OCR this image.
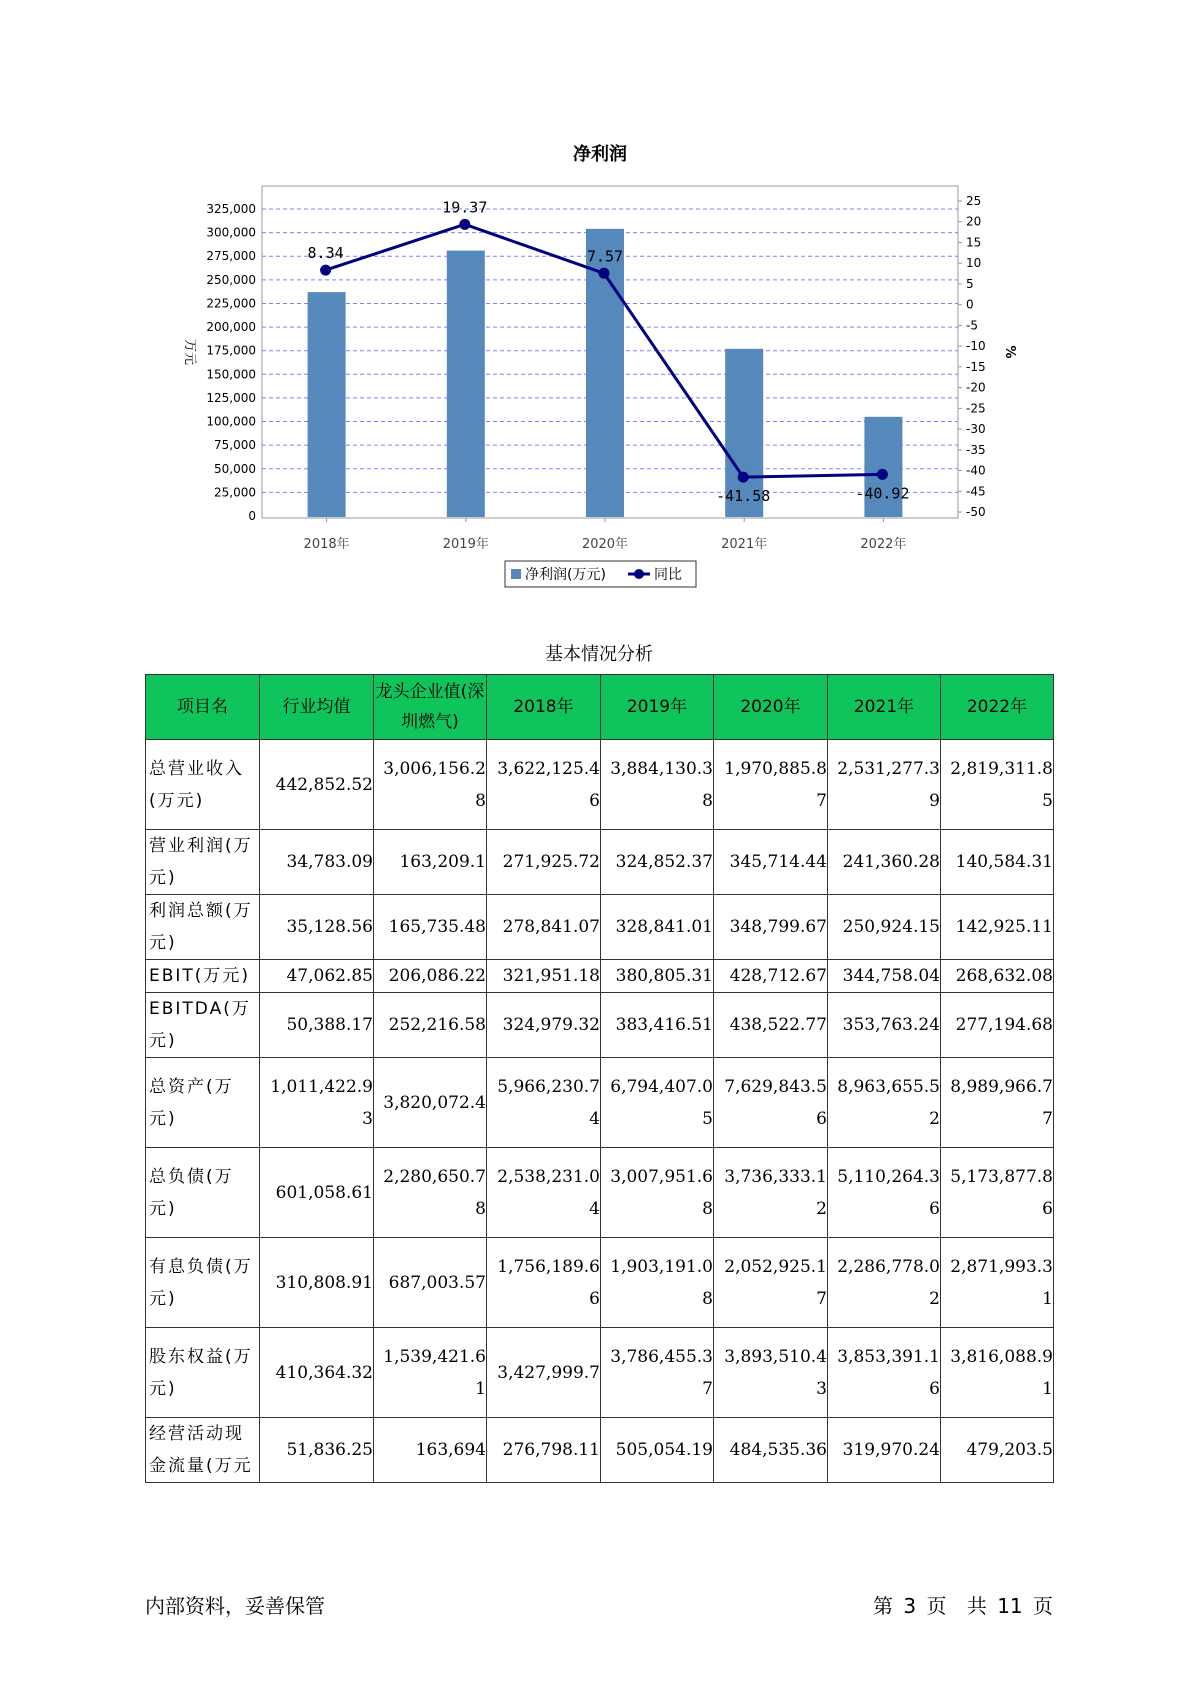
净利润
0
25,000
50,000
75,000
100,000
125,000
150,000
175,000
200,000
225,000
250,000
275,000
300,000
325,000
-50
-45
-40
-35
-30
-25
-20
-15
-10
-5
0
5
10
15
20
25
8.34
19.37
7.57
-41.58	-40.92
2018年	2019年	2020年	2021年	2022年
万元	%
净利润(万元)	同比
基本情况分析
项目名	行业均值	龙头企业值(深圳燃气)	2018年	2019年	2020年	2021年	2022年
总营业收入(万元)	442,852.52	3,006,156.28	3,622,125.46	3,884,130.38	1,970,885.87	2,531,277.39	2,819,311.85
营业利润(万元)	34,783.09	163,209.1	271,925.72	324,852.37	345,714.44	241,360.28	140,584.31
利润总额(万元)	35,128.56	165,735.48	278,841.07	328,841.01	348,799.67	250,924.15	142,925.11
EBIT(万元)	47,062.85	206,086.22	321,951.18	380,805.31	428,712.67	344,758.04	268,632.08
EBITDA(万元)	50,388.17	252,216.58	324,979.32	383,416.51	438,522.77	353,763.24	277,194.68
总资产(万元)	1,011,422.93	3,820,072.4	5,966,230.74	6,794,407.05	7,629,843.56	8,963,655.52	8,989,966.77
总负债(万元)	601,058.61	2,280,650.78	2,538,231.04	3,007,951.68	3,736,333.12	5,110,264.36	5,173,877.86
有息负债(万元)	310,808.91	687,003.57	1,756,189.66	1,903,191.08	2,052,925.17	2,286,778.02	2,871,993.31
股东权益(万元)	410,364.32	1,539,421.61	3,427,999.7	3,786,455.37	3,893,510.43	3,853,391.16	3,816,088.91
经营活动现金流量(万元	51,836.25	163,694	276,798.11	505,054.19	484,535.36	319,970.24	479,203.5
内部资料，妥善保管	第 3 页 共 11 页
